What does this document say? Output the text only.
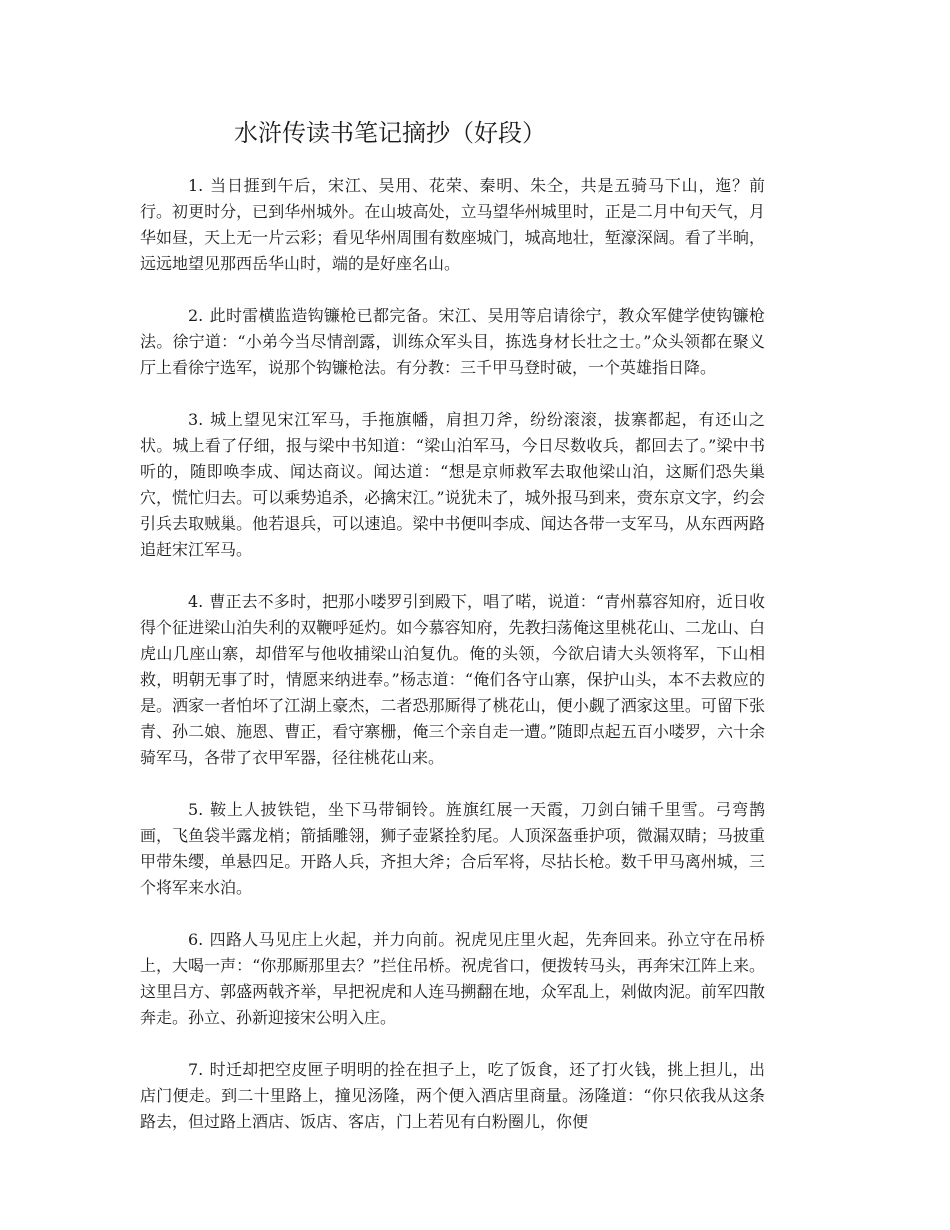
水浒传读书笔记摘抄（好段）

1. 当日捱到午后，宋江、吴用、花荣、秦明、朱仝，共是五骑马下山，迤？前行。初更时分，已到华州城外。在山坡高处，立马望华州城里时，正是二月中旬天气，月华如昼，天上无一片云彩；看见华州周围有数座城门，城高地壮，堑濠深阔。看了半晌，远远地望见那西岳华山时，端的是好座名山。

2. 此时雷横监造钩镰枪已都完备。宋江、吴用等启请徐宁，教众军健学使钩镰枪法。徐宁道：“小弟今当尽情剖露，训练众军头目，拣选身材长壮之士。”众头领都在聚义厅上看徐宁选军，说那个钩镰枪法。有分教：三千甲马登时破，一个英雄指日降。

3. 城上望见宋江军马，手拖旗幡，肩担刀斧，纷纷滚滚，拔寨都起，有还山之状。城上看了仔细，报与梁中书知道：“梁山泊军马，今日尽数收兵，都回去了。”梁中书听的，随即唤李成、闻达商议。闻达道：“想是京师救军去取他梁山泊，这厮们恐失巢穴，慌忙归去。可以乘势追杀，必擒宋江。”说犹未了，城外报马到来，赍东京文字，约会引兵去取贼巢。他若退兵，可以速追。梁中书便叫李成、闻达各带一支军马，从东西两路追赶宋江军马。

4. 曹正去不多时，把那小喽罗引到殿下，唱了喏，说道：“青州慕容知府，近日收得个征进梁山泊失利的双鞭呼延灼。如今慕容知府，先教扫荡俺这里桃花山、二龙山、白虎山几座山寨，却借军与他收捕梁山泊复仇。俺的头领，今欲启请大头领将军，下山相救，明朝无事了时，情愿来纳进奉。”杨志道：“俺们各守山寨，保护山头，本不去救应的是。洒家一者怕坏了江湖上豪杰，二者恐那厮得了桃花山，便小觑了洒家这里。可留下张青、孙二娘、施恩、曹正，看守寨栅，俺三个亲自走一遭。”随即点起五百小喽罗，六十余骑军马，各带了衣甲军器，径往桃花山来。

5. 鞍上人披铁铠，坐下马带铜铃。旌旗红展一天霞，刀剑白铺千里雪。弓弯鹊画，飞鱼袋半露龙梢；箭插雕翎，狮子壶紧拴豹尾。人顶深盔垂护项，微漏双睛；马披重甲带朱缨，单悬四足。开路人兵，齐担大斧；合后军将，尽拈长枪。数千甲马离州城，三个将军来水泊。

6. 四路人马见庄上火起，并力向前。祝虎见庄里火起，先奔回来。孙立守在吊桥上，大喝一声：“你那厮那里去？”拦住吊桥。祝虎省口，便拨转马头，再奔宋江阵上来。这里吕方、郭盛两戟齐举，早把祝虎和人连马搠翻在地，众军乱上，剁做肉泥。前军四散奔走。孙立、孙新迎接宋公明入庄。

7. 时迁却把空皮匣子明明的拴在担子上，吃了饭食，还了打火钱，挑上担儿，出店门便走。到二十里路上，撞见汤隆，两个便入酒店里商量。汤隆道：“你只依我从这条路去，但过路上酒店、饭店、客店，门上若见有白粉圈儿，你便
